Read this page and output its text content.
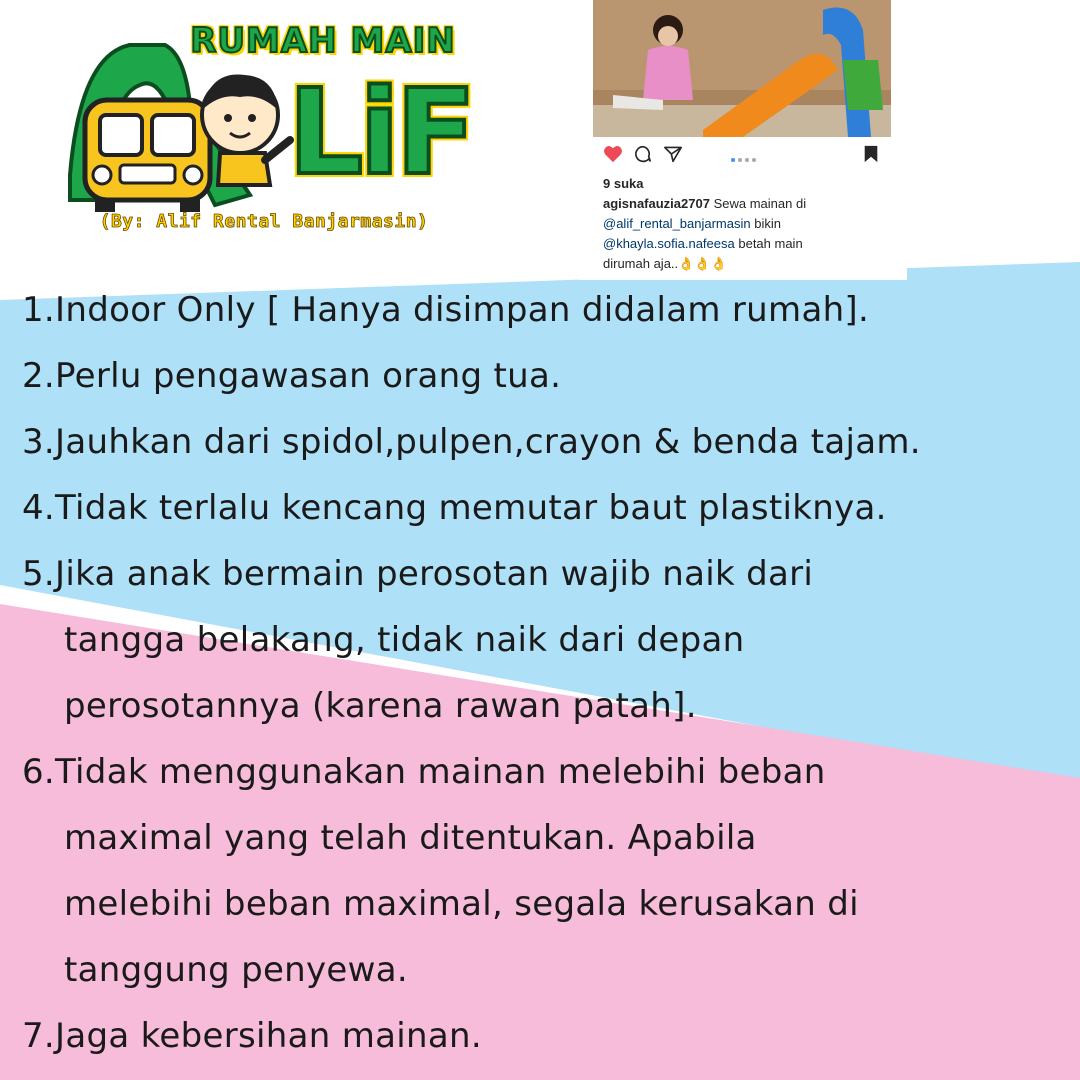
RUMAH MAIN
LiF
(By: Alif Rental Banjarmasin)
9 suka
agisnafauzia2707 Sewa mainan di @alif_rental_banjarmasin bikin @khayla.sofia.nafeesa betah main dirumah aja..👌👌👌
1.Indoor Only [ Hanya disimpan didalam rumah].
2.Perlu pengawasan orang tua.
3.Jauhkan dari spidol,pulpen,crayon & benda tajam.
4.Tidak terlalu kencang memutar baut plastiknya.
5.Jika anak bermain perosotan wajib naik dari
tangga belakang, tidak naik dari depan
perosotannya (karena rawan patah].
6.Tidak menggunakan mainan melebihi beban
maximal yang telah ditentukan. Apabila
melebihi beban maximal, segala kerusakan di
tanggung penyewa.
7.Jaga kebersihan mainan.
